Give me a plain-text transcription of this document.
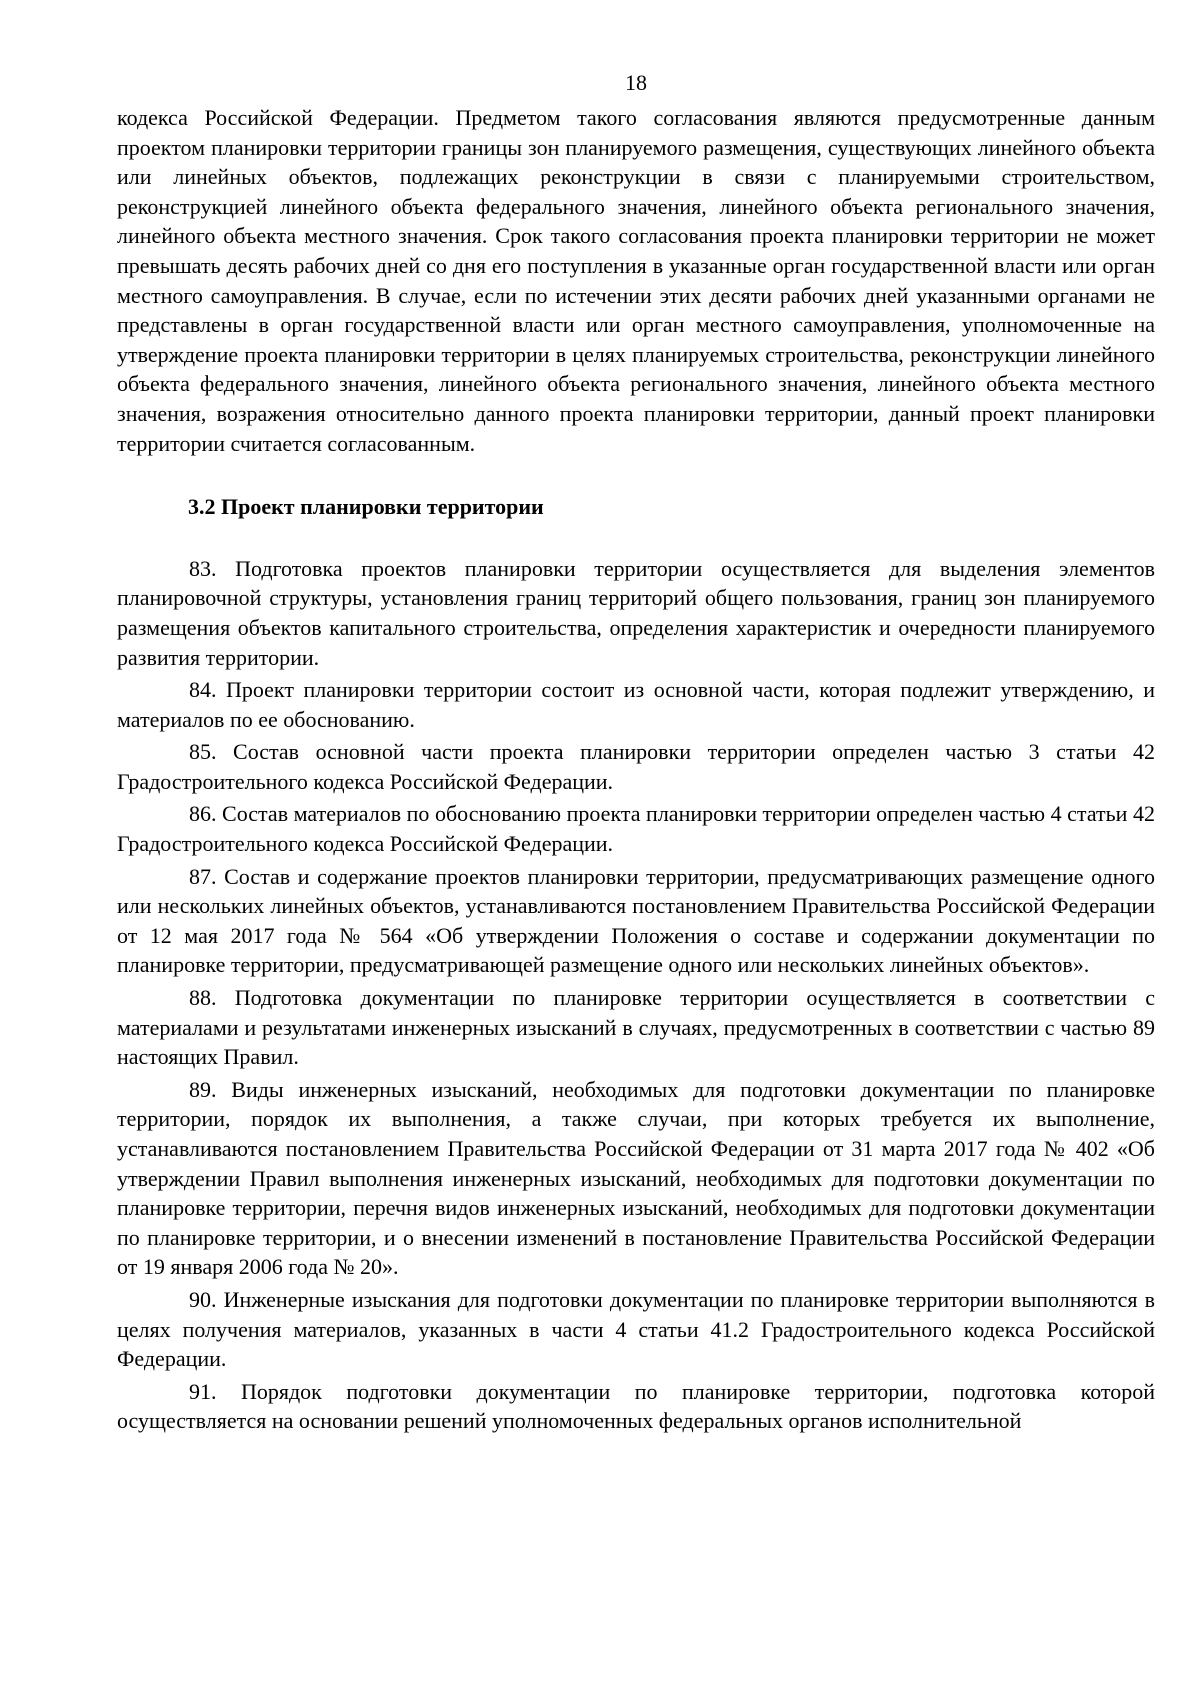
18

кодекса Российской Федерации. Предметом такого согласования являются предусмотренные данным проектом планировки территории границы зон планируемого размещения, существующих линейного объекта или линейных объектов, подлежащих реконструкции в связи с планируемыми строительством, реконструкцией линейного объекта федерального значения, линейного объекта регионального значения, линейного объекта местного значения. Срок такого согласования проекта планировки территории не может превышать десять рабочих дней со дня его поступления в указанные орган государственной власти или орган местного самоуправления. В случае, если по истечении этих десяти рабочих дней указанными органами не представлены в орган государственной власти или орган местного самоуправления, уполномоченные на утверждение проекта планировки территории в целях планируемых строительства, реконструкции линейного объекта федерального значения, линейного объекта регионального значения, линейного объекта местного значения, возражения относительно данного проекта планировки территории, данный проект планировки территории считается согласованным.

3.2 Проект планировки территории

83. Подготовка проектов планировки территории осуществляется для выделения элементов планировочной структуры, установления границ территорий общего пользования, границ зон планируемого размещения объектов капитального строительства, определения характеристик и очередности планируемого развития территории.

84. Проект планировки территории состоит из основной части, которая подлежит утверждению, и материалов по ее обоснованию.

85. Состав основной части проекта планировки территории определен частью 3 статьи 42 Градостроительного кодекса Российской Федерации.

86. Состав материалов по обоснованию проекта планировки территории определен частью 4 статьи 42 Градостроительного кодекса Российской Федерации.

87. Состав и содержание проектов планировки территории, предусматривающих размещение одного или нескольких линейных объектов, устанавливаются постановлением Правительства Российской Федерации от 12 мая 2017 года № 564 «Об утверждении Положения о составе и содержании документации по планировке территории, предусматривающей размещение одного или нескольких линейных объектов».

88. Подготовка документации по планировке территории осуществляется в соответствии с материалами и результатами инженерных изысканий в случаях, предусмотренных в соответствии с частью 89 настоящих Правил.

89. Виды инженерных изысканий, необходимых для подготовки документации по планировке территории, порядок их выполнения, а также случаи, при которых требуется их выполнение, устанавливаются постановлением Правительства Российской Федерации от 31 марта 2017 года № 402 «Об утверждении Правил выполнения инженерных изысканий, необходимых для подготовки документации по планировке территории, перечня видов инженерных изысканий, необходимых для подготовки документации по планировке территории, и о внесении изменений в постановление Правительства Российской Федерации от 19 января 2006 года № 20».

90. Инженерные изыскания для подготовки документации по планировке территории выполняются в целях получения материалов, указанных в части 4 статьи 41.2 Градостроительного кодекса Российской Федерации.

91. Порядок подготовки документации по планировке территории, подготовка которой осуществляется на основании решений уполномоченных федеральных органов исполнительной
